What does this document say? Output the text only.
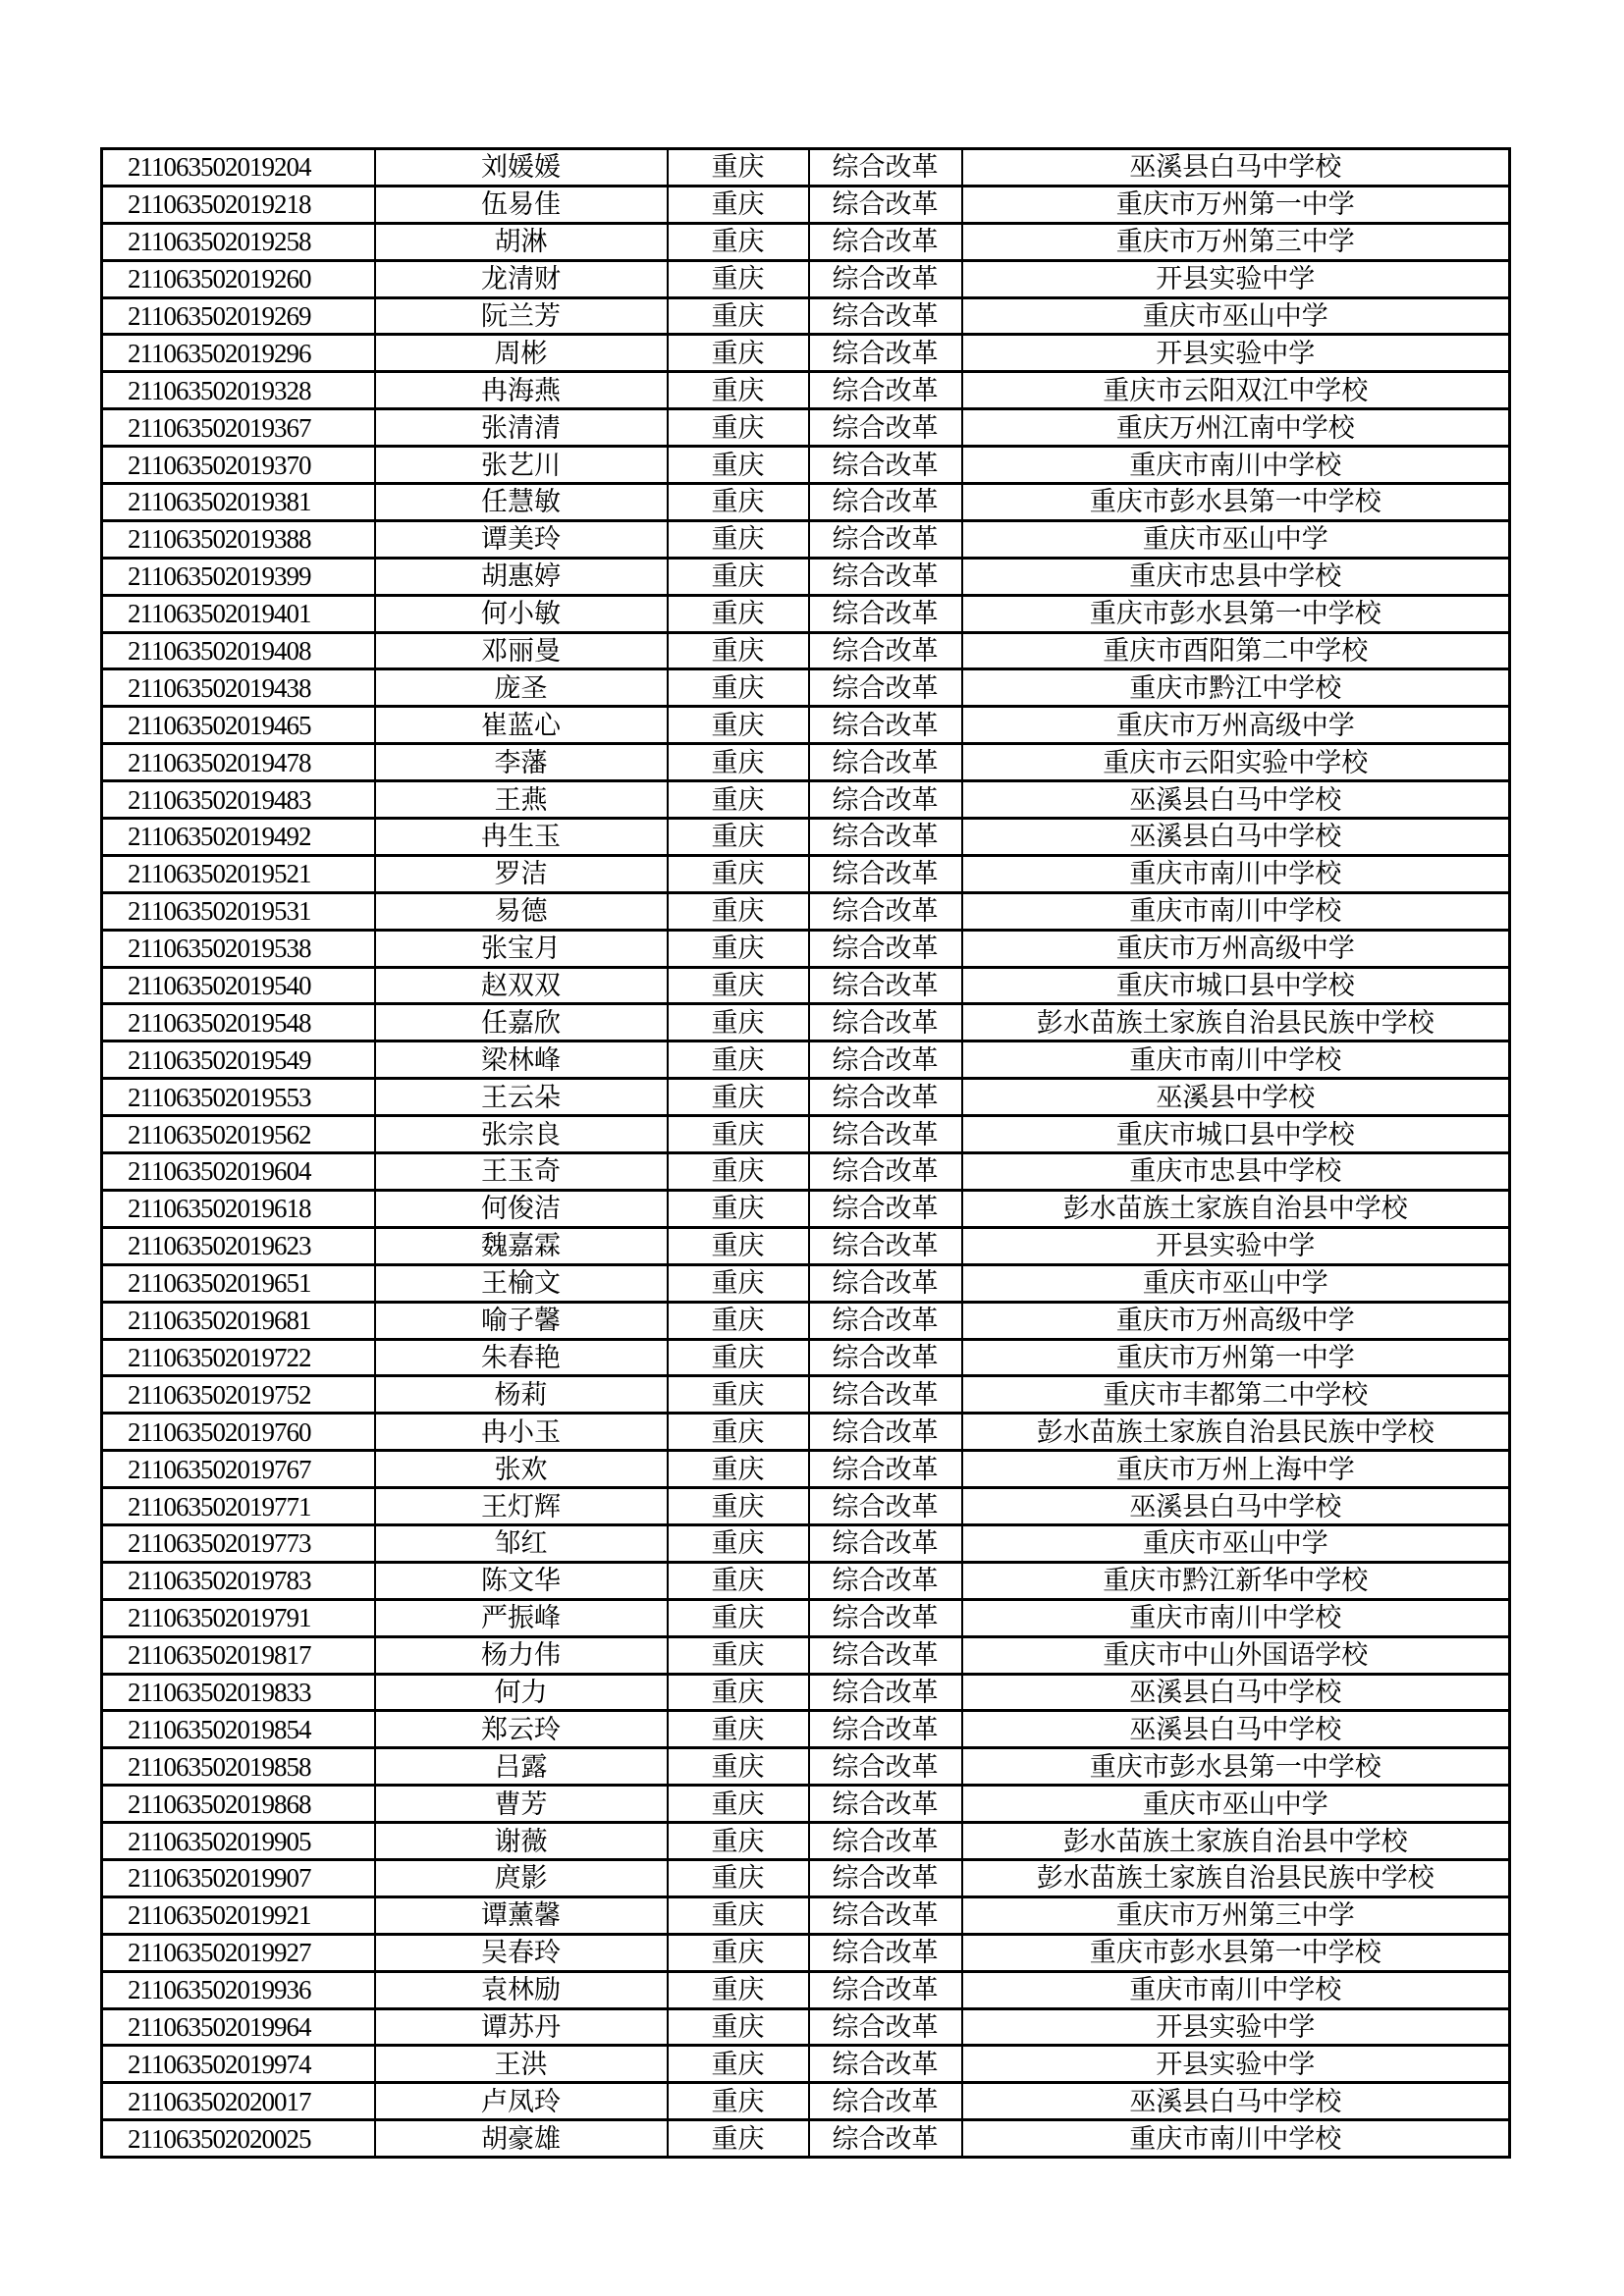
211063502019204	刘媛媛	重庆	综合改革	巫溪县白马中学校
211063502019218	伍易佳	重庆	综合改革	重庆市万州第一中学
211063502019258	胡淋	重庆	综合改革	重庆市万州第三中学
211063502019260	龙清财	重庆	综合改革	开县实验中学
211063502019269	阮兰芳	重庆	综合改革	重庆市巫山中学
211063502019296	周彬	重庆	综合改革	开县实验中学
211063502019328	冉海燕	重庆	综合改革	重庆市云阳双江中学校
211063502019367	张清清	重庆	综合改革	重庆万州江南中学校
211063502019370	张艺川	重庆	综合改革	重庆市南川中学校
211063502019381	任慧敏	重庆	综合改革	重庆市彭水县第一中学校
211063502019388	谭美玲	重庆	综合改革	重庆市巫山中学
211063502019399	胡惠婷	重庆	综合改革	重庆市忠县中学校
211063502019401	何小敏	重庆	综合改革	重庆市彭水县第一中学校
211063502019408	邓丽曼	重庆	综合改革	重庆市酉阳第二中学校
211063502019438	庞圣	重庆	综合改革	重庆市黔江中学校
211063502019465	崔蓝心	重庆	综合改革	重庆市万州高级中学
211063502019478	李藩	重庆	综合改革	重庆市云阳实验中学校
211063502019483	王燕	重庆	综合改革	巫溪县白马中学校
211063502019492	冉生玉	重庆	综合改革	巫溪县白马中学校
211063502019521	罗洁	重庆	综合改革	重庆市南川中学校
211063502019531	易德	重庆	综合改革	重庆市南川中学校
211063502019538	张宝月	重庆	综合改革	重庆市万州高级中学
211063502019540	赵双双	重庆	综合改革	重庆市城口县中学校
211063502019548	任嘉欣	重庆	综合改革	彭水苗族土家族自治县民族中学校
211063502019549	梁林峰	重庆	综合改革	重庆市南川中学校
211063502019553	王云朵	重庆	综合改革	巫溪县中学校
211063502019562	张宗良	重庆	综合改革	重庆市城口县中学校
211063502019604	王玉奇	重庆	综合改革	重庆市忠县中学校
211063502019618	何俊洁	重庆	综合改革	彭水苗族土家族自治县中学校
211063502019623	魏嘉霖	重庆	综合改革	开县实验中学
211063502019651	王榆文	重庆	综合改革	重庆市巫山中学
211063502019681	喻子馨	重庆	综合改革	重庆市万州高级中学
211063502019722	朱春艳	重庆	综合改革	重庆市万州第一中学
211063502019752	杨莉	重庆	综合改革	重庆市丰都第二中学校
211063502019760	冉小玉	重庆	综合改革	彭水苗族土家族自治县民族中学校
211063502019767	张欢	重庆	综合改革	重庆市万州上海中学
211063502019771	王灯辉	重庆	综合改革	巫溪县白马中学校
211063502019773	邹红	重庆	综合改革	重庆市巫山中学
211063502019783	陈文华	重庆	综合改革	重庆市黔江新华中学校
211063502019791	严振峰	重庆	综合改革	重庆市南川中学校
211063502019817	杨力伟	重庆	综合改革	重庆市中山外国语学校
211063502019833	何力	重庆	综合改革	巫溪县白马中学校
211063502019854	郑云玲	重庆	综合改革	巫溪县白马中学校
211063502019858	吕露	重庆	综合改革	重庆市彭水县第一中学校
211063502019868	曹芳	重庆	综合改革	重庆市巫山中学
211063502019905	谢薇	重庆	综合改革	彭水苗族土家族自治县中学校
211063502019907	庹影	重庆	综合改革	彭水苗族土家族自治县民族中学校
211063502019921	谭薰馨	重庆	综合改革	重庆市万州第三中学
211063502019927	吴春玲	重庆	综合改革	重庆市彭水县第一中学校
211063502019936	袁林励	重庆	综合改革	重庆市南川中学校
211063502019964	谭苏丹	重庆	综合改革	开县实验中学
211063502019974	王洪	重庆	综合改革	开县实验中学
211063502020017	卢凤玲	重庆	综合改革	巫溪县白马中学校
211063502020025	胡豪雄	重庆	综合改革	重庆市南川中学校
